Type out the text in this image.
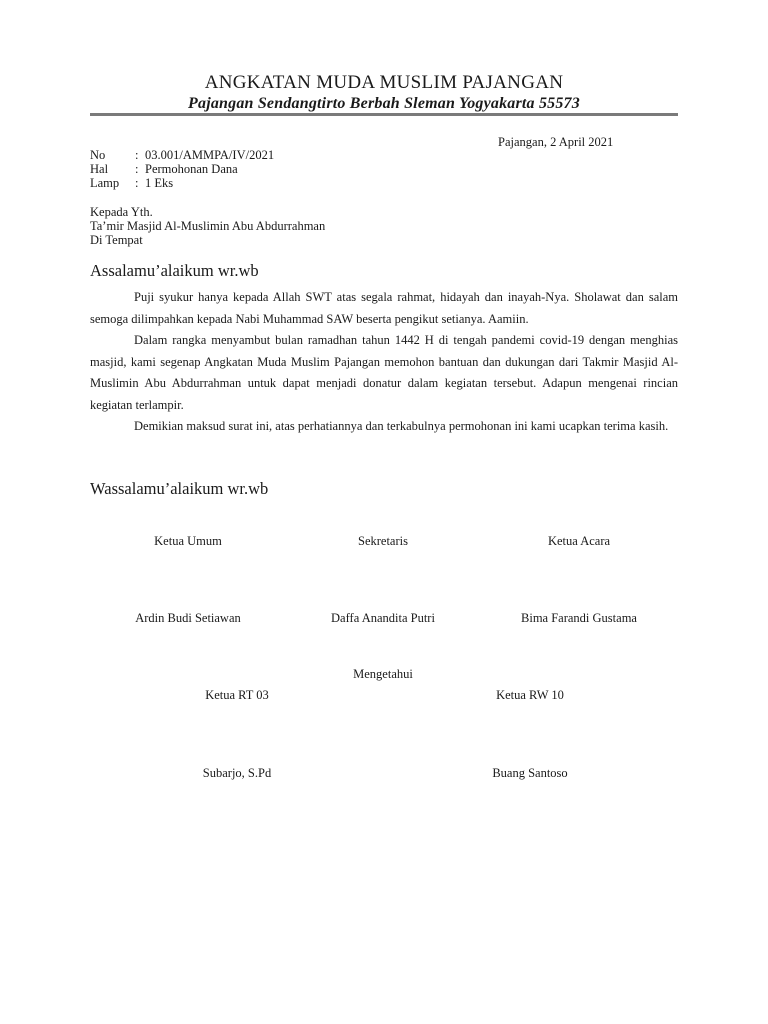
ANGKATAN MUDA MUSLIM PAJANGAN
Pajangan Sendangtirto Berbah Sleman Yogyakarta 55573
Pajangan, 2 April 2021
No	: 03.001/AMMPA/IV/2021
Hal	: Permohonan Dana
Lamp	: 1 Eks
Kepada Yth.
Ta’mir Masjid Al-Muslimin Abu Abdurrahman
Di Tempat
Assalamu’alaikum wr.wb

Puji syukur hanya kepada Allah SWT atas segala rahmat, hidayah dan inayah-Nya. Sholawat dan salam semoga dilimpahkan kepada Nabi Muhammad SAW beserta pengikut setianya. Aamiin.

Dalam rangka menyambut bulan ramadhan tahun 1442 H di tengah pandemi covid-19 dengan menghias masjid, kami segenap Angkatan Muda Muslim Pajangan memohon bantuan dan dukungan dari Takmir Masjid Al-Muslimin Abu Abdurrahman untuk dapat menjadi donatur dalam kegiatan tersebut. Adapun mengenai rincian kegiatan terlampir.

Demikian maksud surat ini, atas perhatiannya dan terkabulnya permohonan ini kami ucapkan terima kasih.

Wassalamu’alaikum wr.wb
Ketua Umum	Sekretaris	Ketua Acara
Ardin Budi Setiawan	Daffa Anandita Putri	Bima Farandi Gustama
Mengetahui
Ketua RT 03	Ketua RW 10
Subarjo, S.Pd	Buang Santoso
